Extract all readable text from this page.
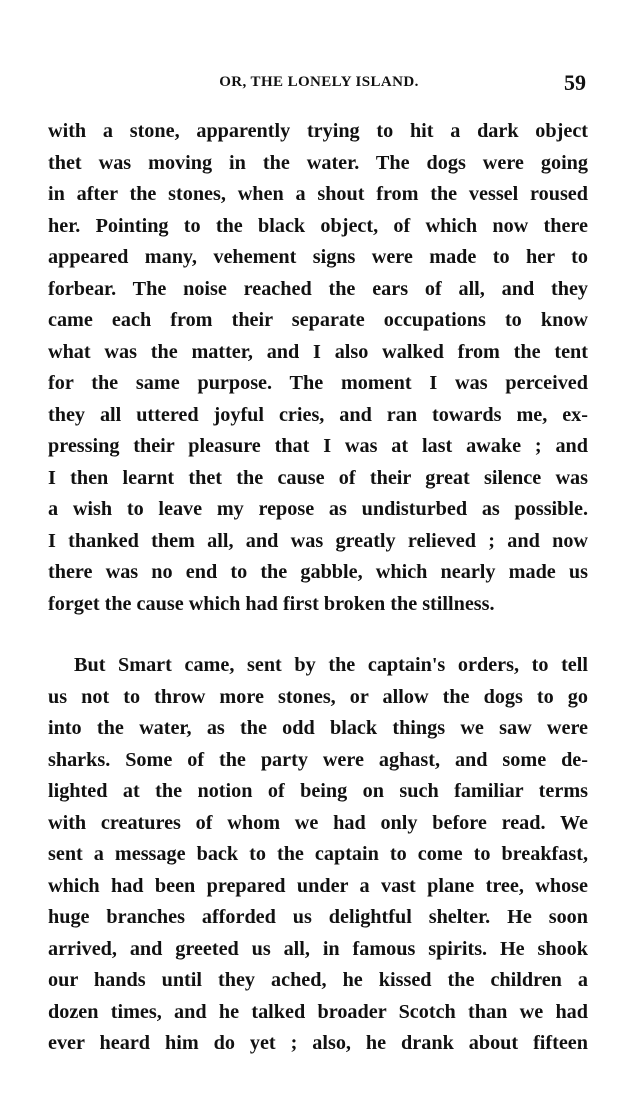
OR, THE LONELY ISLAND.	59
with a stone, apparently trying to hit a dark object
thet was moving in the water. The dogs were going
in after the stones, when a shout from the vessel roused
her. Pointing to the black object, of which now there
appeared many, vehement signs were made to her to
forbear. The noise reached the ears of all, and they
came each from their separate occupations to know
what was the matter, and I also walked from the tent
for the same purpose. The moment I was perceived
they all uttered joyful cries, and ran towards me, ex-
pressing their pleasure that I was at last awake ; and
I then learnt thet the cause of their great silence was
a wish to leave my repose as undisturbed as possible.
I thanked them all, and was greatly relieved ; and now
there was no end to the gabble, which nearly made us
forget the cause which had first broken the stillness.
But Smart came, sent by the captain's orders, to tell
us not to throw more stones, or allow the dogs to go
into the water, as the odd black things we saw were
sharks. Some of the party were aghast, and some de-
lighted at the notion of being on such familiar terms
with creatures of whom we had only before read. We
sent a message back to the captain to come to breakfast,
which had been prepared under a vast plane tree, whose
huge branches afforded us delightful shelter. He soon
arrived, and greeted us all, in famous spirits. He shook
our hands until they ached, he kissed the children a
dozen times, and he talked broader Scotch than we had
ever heard him do yet ; also, he drank about fifteen
